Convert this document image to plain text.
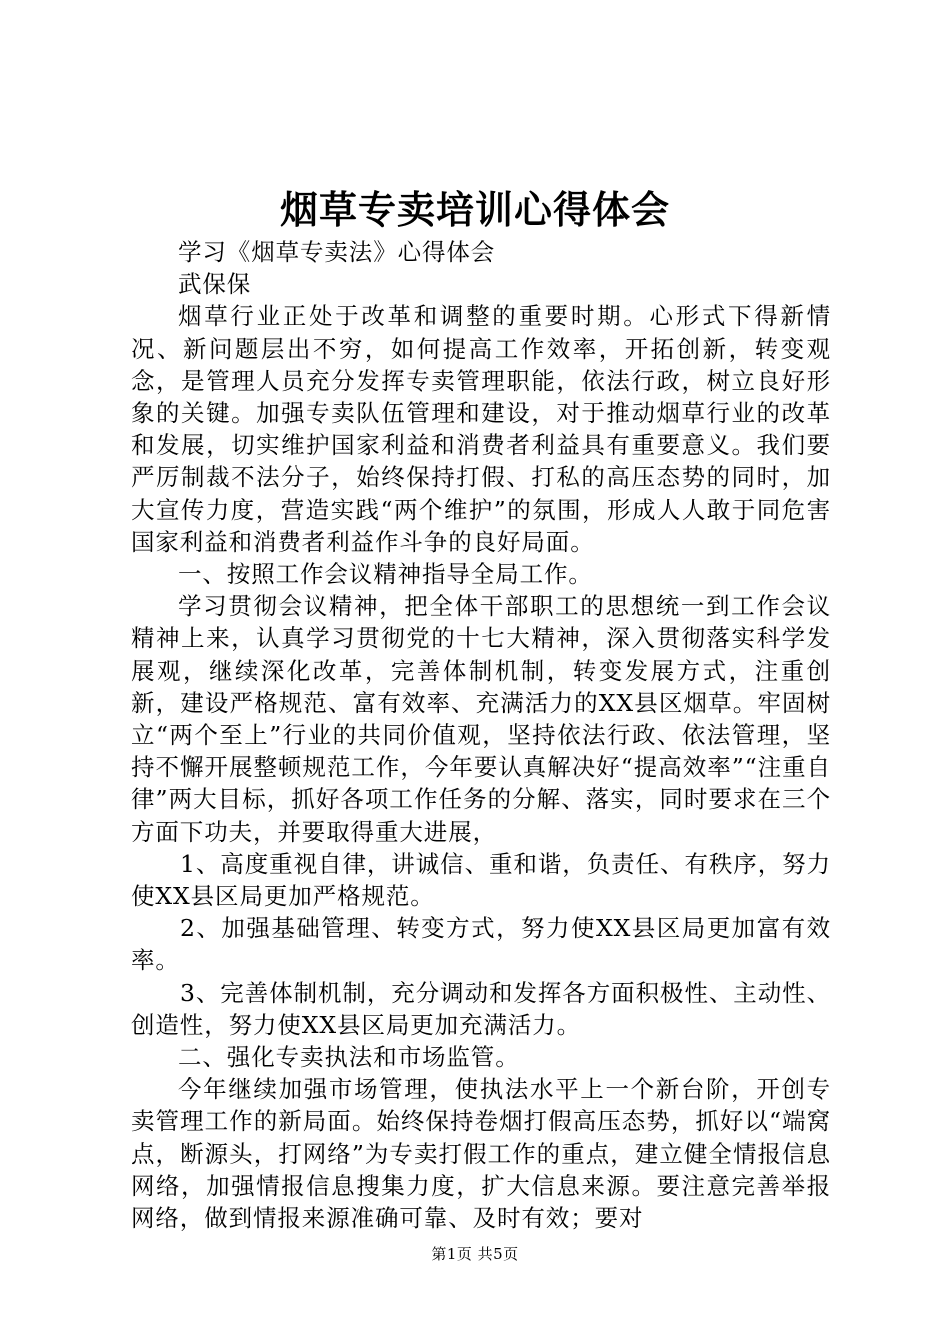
烟草专卖培训心得体会

学习《烟草专卖法》心得体会

武保保

烟草行业正处于改革和调整的重要时期。心形式下得新情况、新问题层出不穷，如何提高工作效率，开拓创新，转变观念，是管理人员充分发挥专卖管理职能，依法行政，树立良好形象的关键。加强专卖队伍管理和建设，对于推动烟草行业的改革和发展，切实维护国家利益和消费者利益具有重要意义。我们要严厉制裁不法分子，始终保持打假、打私的高压态势的同时，加大宣传力度，营造实践“两个维护”的氛围，形成人人敢于同危害国家利益和消费者利益作斗争的良好局面。

一、按照工作会议精神指导全局工作。

学习贯彻会议精神，把全体干部职工的思想统一到工作会议精神上来，认真学习贯彻党的十七大精神，深入贯彻落实科学发展观，继续深化改革，完善体制机制，转变发展方式，注重创新，建设严格规范、富有效率、充满活力的XX县区烟草。牢固树立“两个至上”行业的共同价值观，坚持依法行政、依法管理，坚持不懈开展整顿规范工作，今年要认真解决好“提高效率”“注重自律”两大目标，抓好各项工作任务的分解、落实，同时要求在三个方面下功夫，并要取得重大进展，

1、高度重视自律，讲诚信、重和谐，负责任、有秩序，努力使XX县区局更加严格规范。

2、加强基础管理、转变方式，努力使XX县区局更加富有效率。

3、完善体制机制，充分调动和发挥各方面积极性、主动性、创造性，努力使XX县区局更加充满活力。

二、强化专卖执法和市场监管。

今年继续加强市场管理，使执法水平上一个新台阶，开创专卖管理工作的新局面。始终保持卷烟打假高压态势，抓好以“端窝点，断源头，打网络”为专卖打假工作的重点，建立健全情报信息网络，加强情报信息搜集力度，扩大信息来源。要注意完善举报网络，做到情报来源准确可靠、及时有效；要对

第1页 共5页
